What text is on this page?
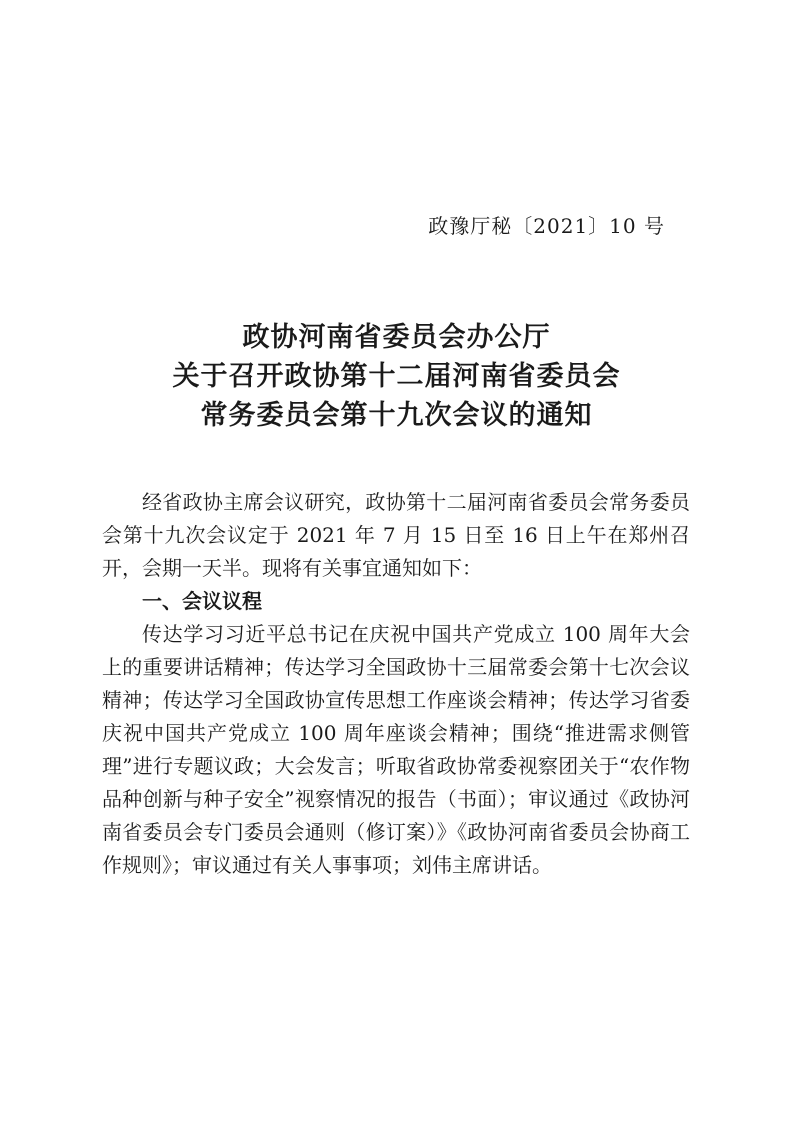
政豫厅秘〔2021〕10 号
政协河南省委员会办公厅
关于召开政协第十二届河南省委员会
常务委员会第十九次会议的通知

经省政协主席会议研究，政协第十二届河南省委员会常务委员会第十九次会议定于 2021 年 7 月 15 日至 16 日上午在郑州召开，会期一天半。现将有关事宜通知如下：

一、会议议程

传达学习习近平总书记在庆祝中国共产党成立 100 周年大会上的重要讲话精神；传达学习全国政协十三届常委会第十七次会议精神；传达学习全国政协宣传思想工作座谈会精神；传达学习省委庆祝中国共产党成立 100 周年座谈会精神；围绕“推进需求侧管理”进行专题议政；大会发言；听取省政协常委视察团关于“农作物品种创新与种子安全”视察情况的报告（书面）；审议通过《政协河南省委员会专门委员会通则（修订案）》《政协河南省委员会协商工作规则》；审议通过有关人事事项；刘伟主席讲话。
